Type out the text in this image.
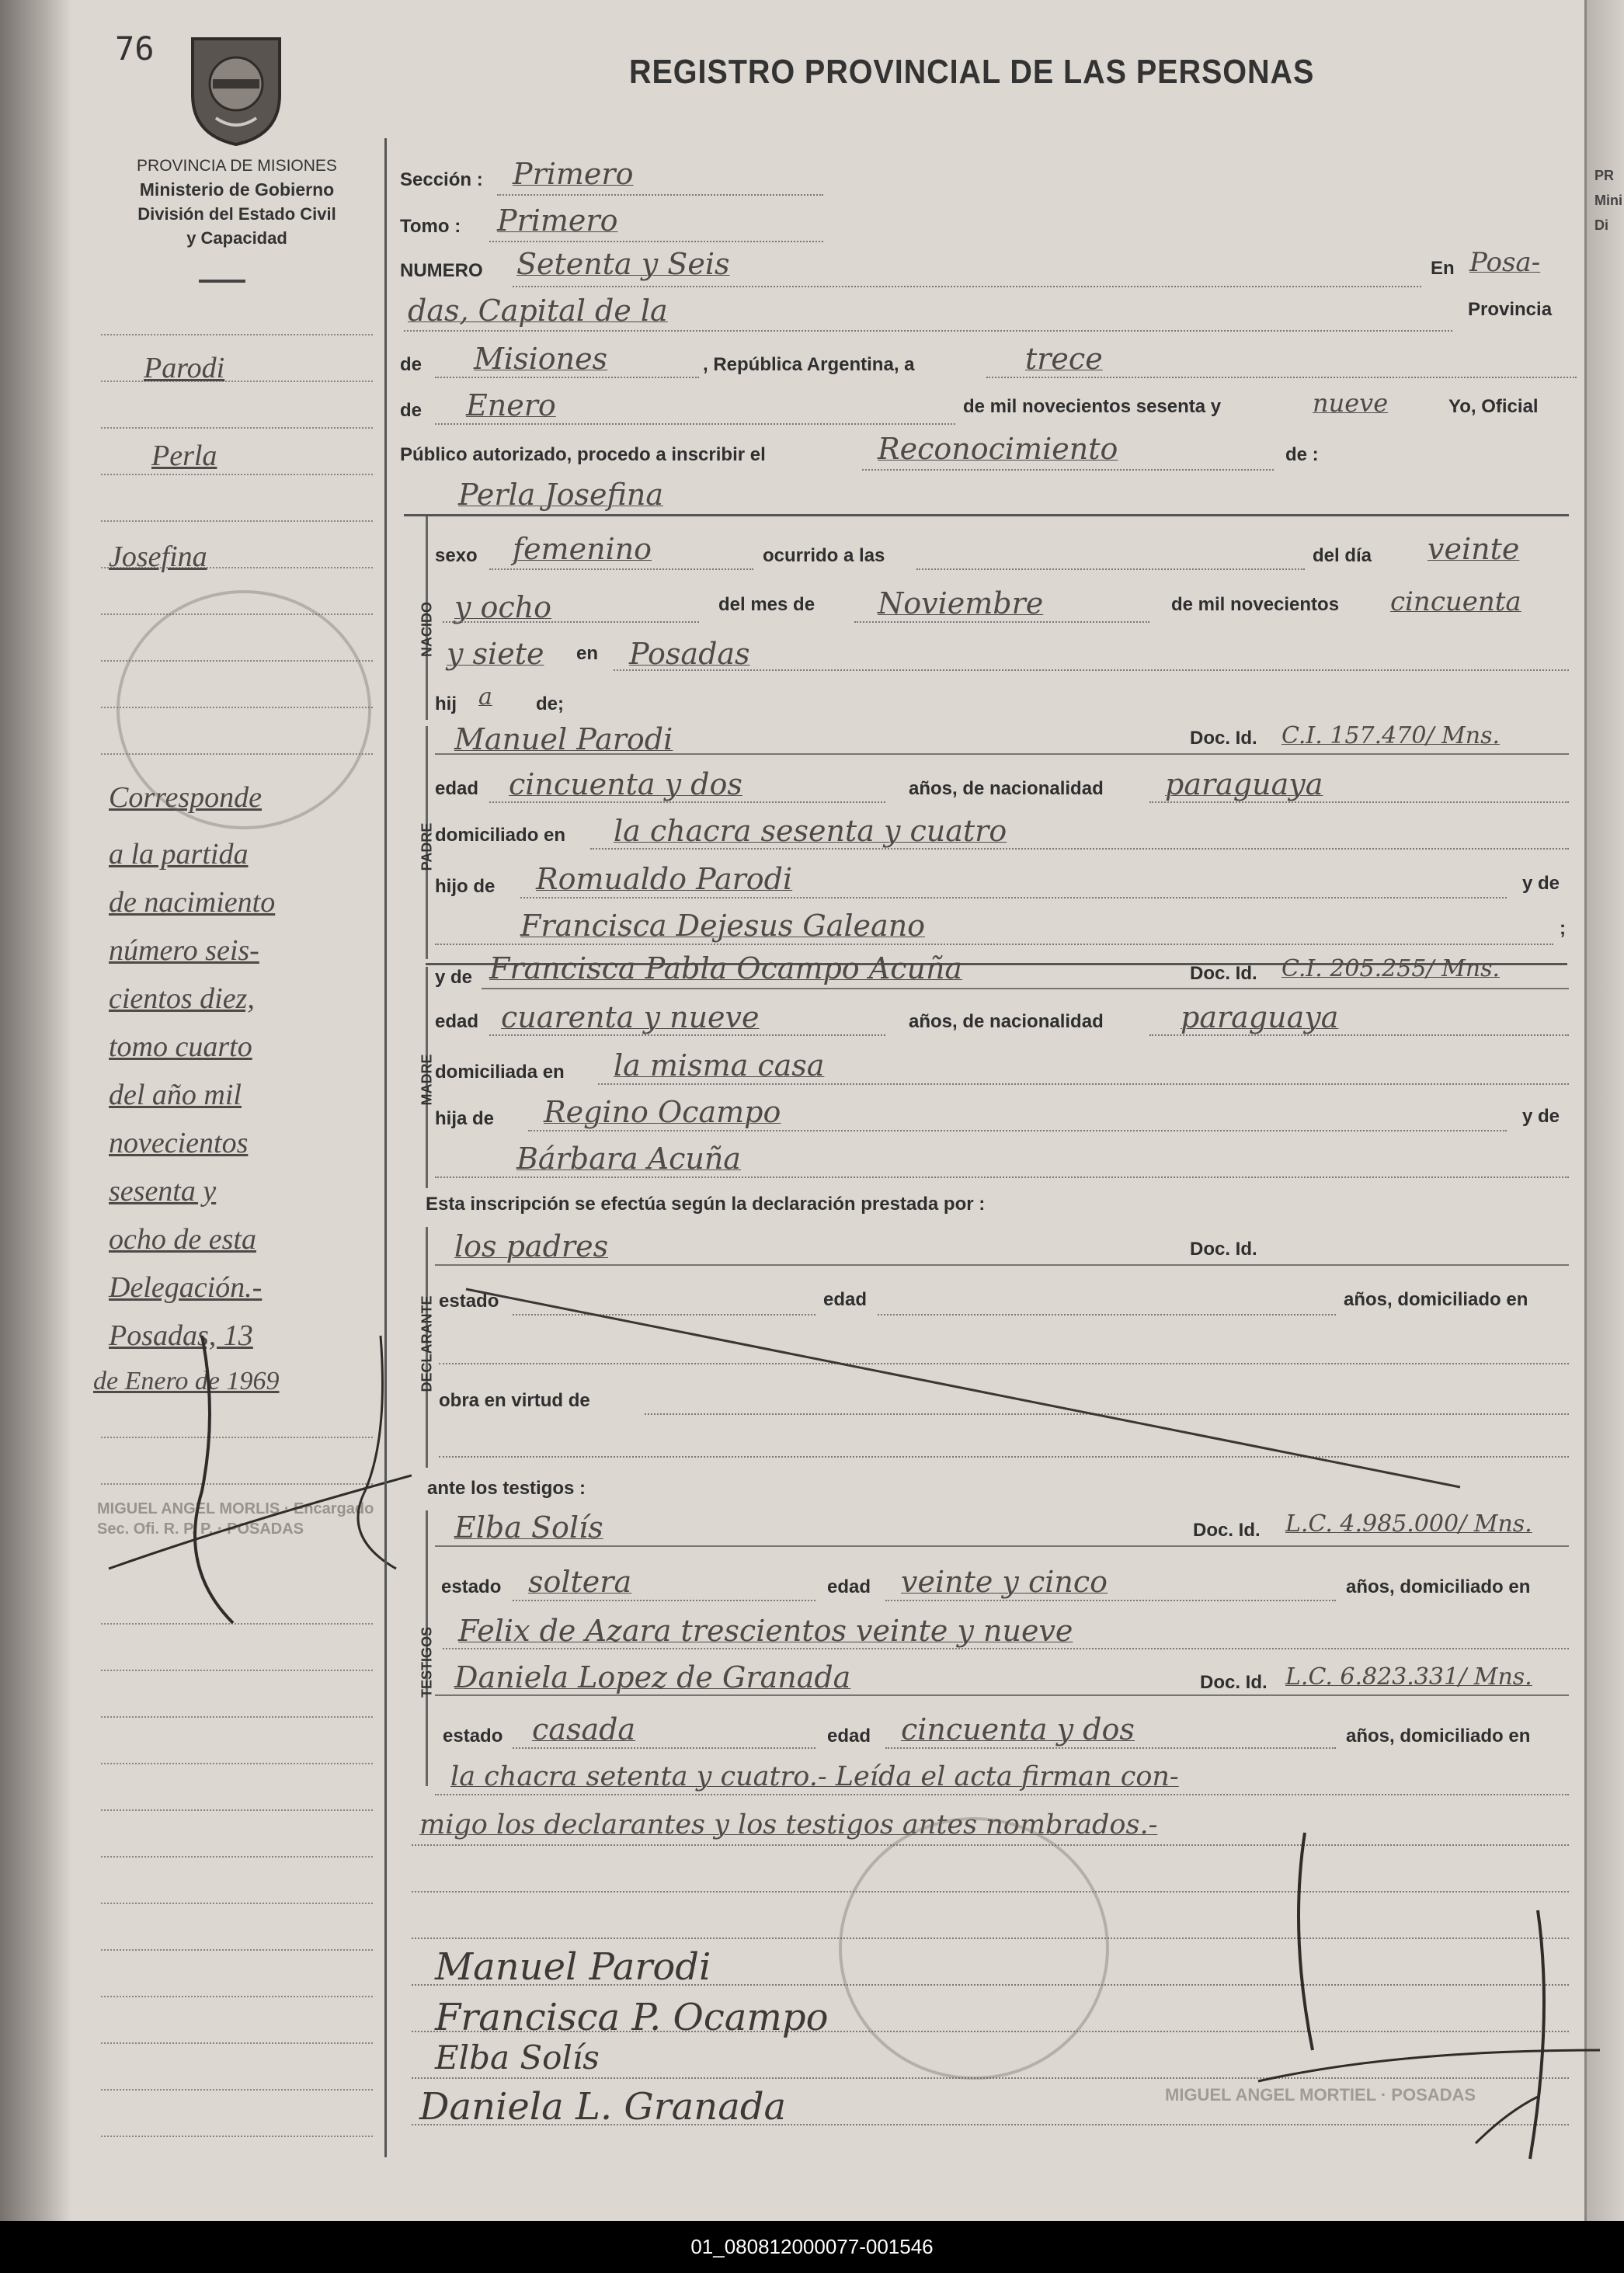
PR
Mini
Di
76
REGISTRO PROVINCIAL DE LAS PERSONAS
PROVINCIA DE MISIONES
Ministerio de Gobierno
División del Estado Civil
y Capacidad
Parodi
Perla
Josefina
Corresponde
a la partida
de nacimiento
número seis-
cientos diez,
tomo cuarto
del año mil
novecientos
sesenta y
ocho de esta
Delegación.-
Posadas, 13
de Enero de 1969
MIGUEL ANGEL MORLIS · Encargado Sec. Ofi. R. P. P. · POSADAS
Sección : Primero
Tomo : Primero
NUMERO Setenta y Seis	En Posa-
das, Capital de la	Provincia
de Misiones	, República Argentina, a	trece
de Enero	de mil novecientos sesenta y	nueve	Yo, Oficial
Público autorizado, procedo a inscribir el	Reconocimiento	de :
Perla Josefina
NACIDO
sexo femenino	ocurrido a las	del día veinte
y ocho	del mes de Noviembre	de mil novecientos cincuenta
y siete en Posadas
hij a de;
PADRE
Manuel Parodi	Doc. Id. C.I. 157.470/ Mns.
edad cincuenta y dos	años, de nacionalidad paraguaya
domiciliado en la chacra sesenta y cuatro
hijo de Romualdo Parodi	y de
Francisca Dejesus Galeano	;
MADRE
y de Francisca Pabla Ocampo Acuña	Doc. Id. C.I. 205.255/ Mns.
edad cuarenta y nueve	años, de nacionalidad	paraguaya
domiciliada en la misma casa
hija de Regino Ocampo	y de
Bárbara Acuña
Esta inscripción se efectúa según la declaración prestada por :
DECLARANTE
los padres	Doc. Id.
estado	edad	años, domiciliado en
obra en virtud de
ante los testigos :
TESTIGOS
Elba Solís	Doc. Id. L.C. 4.985.000/ Mns.
estado soltera	edad veinte y cinco	años, domiciliado en
Felix de Azara trescientos veinte y nueve
Daniela Lopez de Granada	Doc. Id. L.C. 6.823.331/ Mns.
estado casada	edad cincuenta y dos	años, domiciliado en
la chacra setenta y cuatro.- Leída el acta firman con-
migo los declarantes y los testigos antes nombrados.-
MIGUEL ANGEL MORTIEL · POSADAS
Manuel Parodi
Francisca P. Ocampo
Elba Solís
Daniela L. Granada
01_080812000077-001546
